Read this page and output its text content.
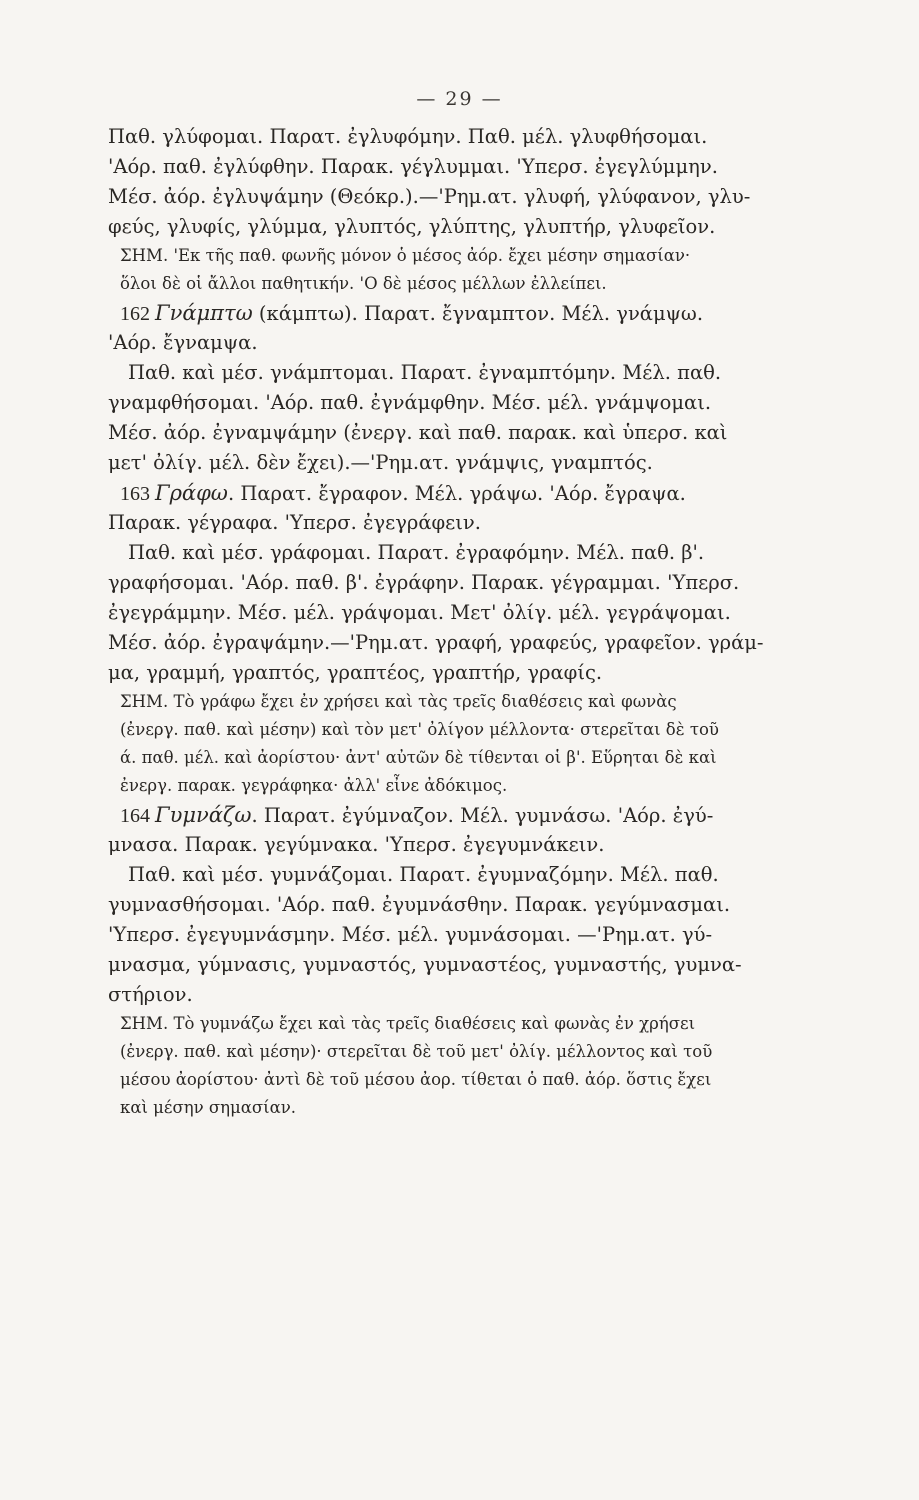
— 29 —
Παθ. γλύφομαι. Παρατ. ἐγλυφόμην. Παθ. μέλ. γλυφθήσομαι.
'Αόρ. παθ. ἐγλύφθην. Παρακ. γέγλυμμαι. 'Υπερσ. ἐγεγλύμμην.
Μέσ. ἀόρ. ἐγλυψάμην (Θεόκρ.).—'Ρημ.ατ. γλυφή, γλύφανον, γλυ-
φεύς, γλυφίς, γλύμμα, γλυπτός, γλύπτης, γλυπτήρ, γλυφεῖον.
ΣΗΜ. 'Εκ τῆς παθ. φωνῆς μόνον ὁ μέσος ἀόρ. ἔχει μέσην σημασίαν·
ὅλοι δὲ οἱ ἄλλοι παθητικήν. 'Ο δὲ μέσος μέλλων ἐλλείπει.
162 Γνάμπτω (κάμπτω). Παρατ. ἔγναμπτον. Μέλ. γνάμψω.
'Αόρ. ἔγναμψα.
Παθ. καὶ μέσ. γνάμπτομαι. Παρατ. ἐγναμπτόμην. Μέλ. παθ.
γναμφθήσομαι. 'Αόρ. παθ. ἐγνάμφθην. Μέσ. μέλ. γνάμψομαι.
Μέσ. ἀόρ. ἐγναμψάμην (ἐνεργ. καὶ παθ. παρακ. καὶ ὑπερσ. καὶ
μετ' ὀλίγ. μέλ. δὲν ἔχει).—'Ρημ.ατ. γνάμψις, γναμπτός.
163 Γράφω. Παρατ. ἔγραφον. Μέλ. γράψω. 'Αόρ. ἔγραψα.
Παρακ. γέγραφα. 'Υπερσ. ἐγεγράφειν.
Παθ. καὶ μέσ. γράφομαι. Παρατ. ἐγραφόμην. Μέλ. παθ. β'.
γραφήσομαι. 'Αόρ. παθ. β'. ἐγράφην. Παρακ. γέγραμμαι. 'Υπερσ.
ἐγεγράμμην. Μέσ. μέλ. γράψομαι. Μετ' ὀλίγ. μέλ. γεγράψομαι.
Μέσ. ἀόρ. ἐγραψάμην.—'Ρημ.ατ. γραφή, γραφεύς, γραφεῖον. γράμ-
μα, γραμμή, γραπτός, γραπτέος, γραπτήρ, γραφίς.
ΣΗΜ. Τὸ γράφω ἔχει ἐν χρήσει καὶ τὰς τρεῖς διαθέσεις καὶ φωνὰς
(ἐνεργ. παθ. καὶ μέσην) καὶ τὸν μετ' ὀλίγον μέλλοντα· στερεῖται δὲ τοῦ
ά. παθ. μέλ. καὶ ἀορίστου· ἀντ' αὐτῶν δὲ τίθενται οἱ β'. Εὕρηται δὲ καὶ
ἐνεργ. παρακ. γεγράφηκα· ἀλλ' εἶνε ἀδόκιμος.
164 Γυμνάζω. Παρατ. ἐγύμναζον. Μέλ. γυμνάσω. 'Αόρ. ἐγύ-
μνασα. Παρακ. γεγύμνακα. 'Υπερσ. ἐγεγυμνάκειν.
Παθ. καὶ μέσ. γυμνάζομαι. Παρατ. ἐγυμναζόμην. Μέλ. παθ.
γυμνασθήσομαι. 'Αόρ. παθ. ἐγυμνάσθην. Παρακ. γεγύμνασμαι.
'Υπερσ. ἐγεγυμνάσμην. Μέσ. μέλ. γυμνάσομαι. —'Ρημ.ατ. γύ-
μνασμα, γύμνασις, γυμναστός, γυμναστέος, γυμναστής, γυμνα-
στήριον.
ΣΗΜ. Τὸ γυμνάζω ἔχει καὶ τὰς τρεῖς διαθέσεις καὶ φωνὰς ἐν χρήσει
(ἐνεργ. παθ. καὶ μέσην)· στερεῖται δὲ τοῦ μετ' ὀλίγ. μέλλοντος καὶ τοῦ
μέσου ἀορίστου· ἀντὶ δὲ τοῦ μέσου ἀορ. τίθεται ὁ παθ. ἀόρ. ὅστις ἔχει
καὶ μέσην σημασίαν.
